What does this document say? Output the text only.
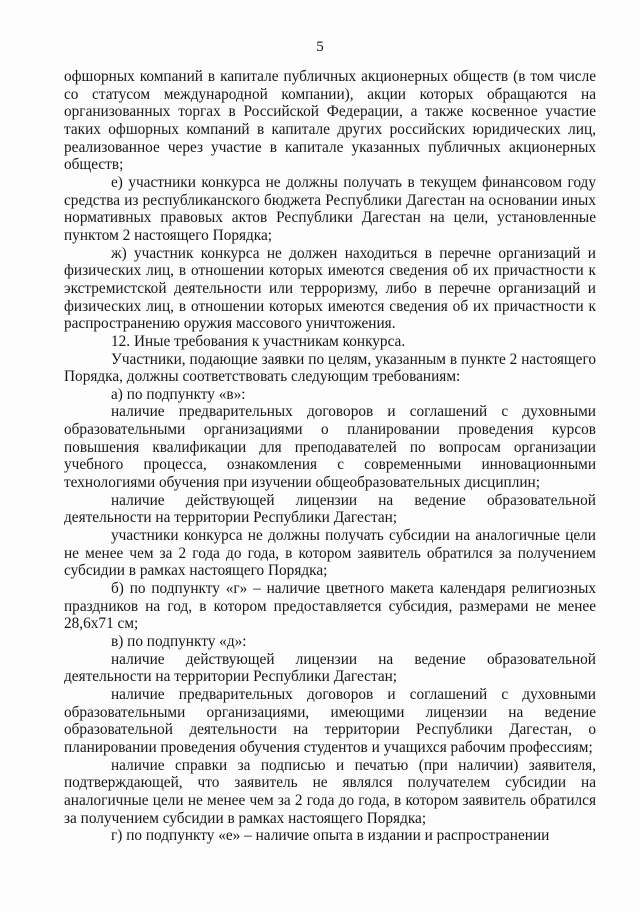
5

офшорных компаний в капитале публичных акционерных обществ (в том числе со статусом международной компании), акции которых обращаются на организованных торгах в Российской Федерации, а также косвенное участие таких офшорных компаний в капитале других российских юридических лиц, реализованное через участие в капитале указанных публичных акционерных обществ;

е) участники конкурса не должны получать в текущем финансовом году средства из республиканского бюджета Республики Дагестан на основании иных нормативных правовых актов Республики Дагестан на цели, установленные пунктом 2 настоящего Порядка;

ж) участник конкурса не должен находиться в перечне организаций и физических лиц, в отношении которых имеются сведения об их причастности к экстремистской деятельности или терроризму, либо в перечне организаций и физических лиц, в отношении которых имеются сведения об их причастности к распространению оружия массового уничтожения.

12. Иные требования к участникам конкурса.

Участники, подающие заявки по целям, указанным в пункте 2 настоящего Порядка, должны соответствовать следующим требованиям:

а) по подпункту «в»:

наличие предварительных договоров и соглашений с духовными образовательными организациями о планировании проведения курсов повышения квалификации для преподавателей по вопросам организации учебного процесса, ознакомления с современными инновационными технологиями обучения при изучении общеобразовательных дисциплин;

наличие действующей лицензии на ведение образовательной деятельности на территории Республики Дагестан;

участники конкурса не должны получать субсидии на аналогичные цели не менее чем за 2 года до года, в котором заявитель обратился за получением субсидии в рамках настоящего Порядка;

б) по подпункту «г» – наличие цветного макета календаря религиозных праздников на год, в котором предоставляется субсидия, размерами не менее 28,6х71 см;

в) по подпункту «д»:

наличие действующей лицензии на ведение образовательной деятельности на территории Республики Дагестан;

наличие предварительных договоров и соглашений с духовными образовательными организациями, имеющими лицензии на ведение образовательной деятельности на территории Республики Дагестан, о планировании проведения обучения студентов и учащихся рабочим профессиям;

наличие справки за подписью и печатью (при наличии) заявителя, подтверждающей, что заявитель не являлся получателем субсидии на аналогичные цели не менее чем за 2 года до года, в котором заявитель обратился за получением субсидии в рамках настоящего Порядка;

г) по подпункту «е» – наличие опыта в издании и распространении
